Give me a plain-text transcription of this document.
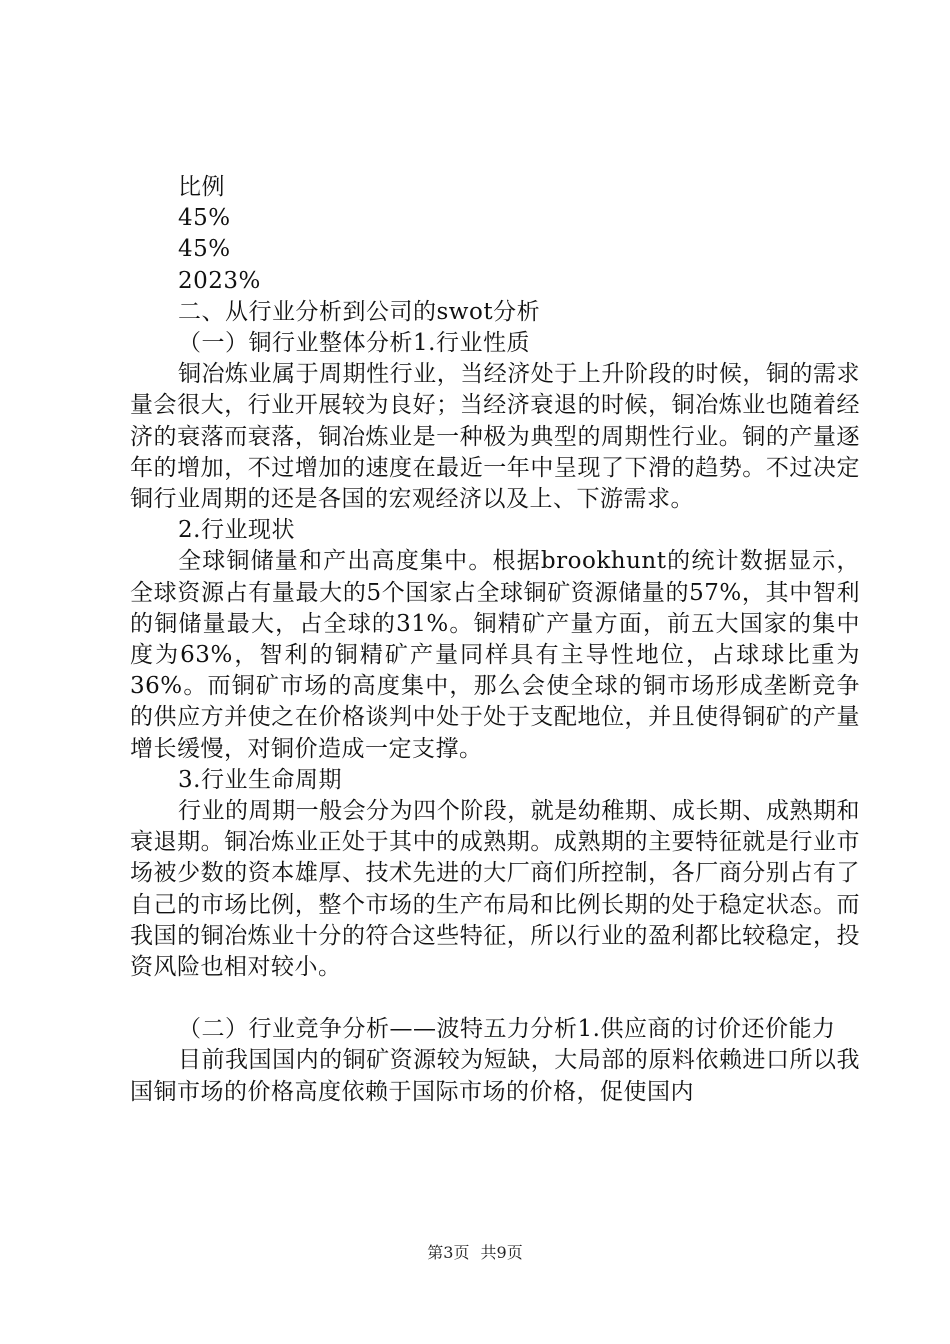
比例

45%

45%

2023%

二、从行业分析到公司的swot分析

（一）铜行业整体分析1.行业性质

铜冶炼业属于周期性行业，当经济处于上升阶段的时候，铜的需求量会很大，行业开展较为良好；当经济衰退的时候，铜冶炼业也随着经济的衰落而衰落，铜冶炼业是一种极为典型的周期性行业。铜的产量逐年的增加，不过增加的速度在最近一年中呈现了下滑的趋势。不过决定铜行业周期的还是各国的宏观经济以及上、下游需求。

2.行业现状

全球铜储量和产出高度集中。根据brookhunt的统计数据显示，全球资源占有量最大的5个国家占全球铜矿资源储量的57%，其中智利的铜储量最大，占全球的31%。铜精矿产量方面，前五大国家的集中度为63%，智利的铜精矿产量同样具有主导性地位，占球球比重为36%。而铜矿市场的高度集中，那么会使全球的铜市场形成垄断竞争的供应方并使之在价格谈判中处于处于支配地位，并且使得铜矿的产量增长缓慢，对铜价造成一定支撑。

3.行业生命周期

行业的周期一般会分为四个阶段，就是幼稚期、成长期、成熟期和衰退期。铜冶炼业正处于其中的成熟期。成熟期的主要特征就是行业市场被少数的资本雄厚、技术先进的大厂商们所控制，各厂商分别占有了自己的市场比例，整个市场的生产布局和比例长期的处于稳定状态。而我国的铜冶炼业十分的符合这些特征，所以行业的盈利都比较稳定，投资风险也相对较小。

（二）行业竞争分析——波特五力分析1.供应商的讨价还价能力

目前我国国内的铜矿资源较为短缺，大局部的原料依赖进口所以我国铜市场的价格高度依赖于国际市场的价格，促使国内

第3页 共9页
